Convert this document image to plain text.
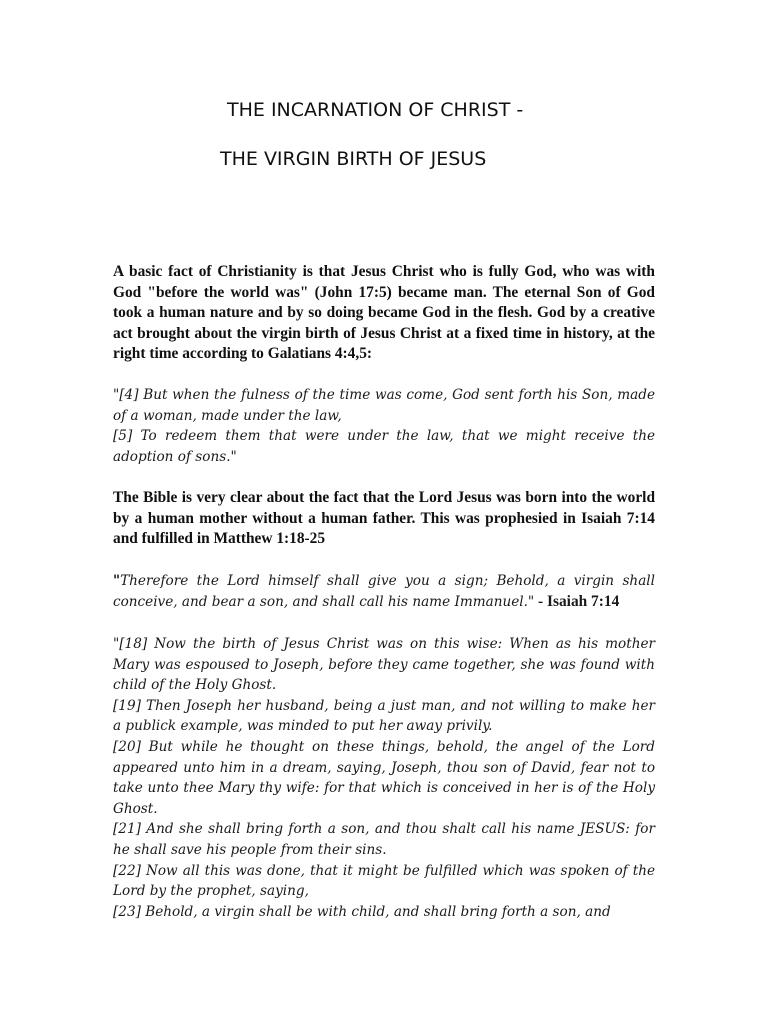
THE INCARNATION OF CHRIST -
THE VIRGIN BIRTH OF JESUS

A basic fact of Christianity is that Jesus Christ who is fully God, who was with God "before the world was" (John 17:5) became man. The eternal Son of God took a human nature and by so doing became God in the flesh. God by a creative act brought about the virgin birth of Jesus Christ at a fixed time in history, at the right time according to Galatians 4:4,5:

"[4] But when the fulness of the time was come, God sent forth his Son, made of a woman, made under the law,
[5] To redeem them that were under the law, that we might receive the adoption of sons."

The Bible is very clear about the fact that the Lord Jesus was born into the world by a human mother without a human father. This was prophesied in Isaiah 7:14 and fulfilled in Matthew 1:18-25

"Therefore the Lord himself shall give you a sign; Behold, a virgin shall conceive, and bear a son, and shall call his name Immanuel." - Isaiah 7:14

"[18] Now the birth of Jesus Christ was on this wise: When as his mother Mary was espoused to Joseph, before they came together, she was found with child of the Holy Ghost.
[19] Then Joseph her husband, being a just man, and not willing to make her a publick example, was minded to put her away privily.
[20] But while he thought on these things, behold, the angel of the Lord appeared unto him in a dream, saying, Joseph, thou son of David, fear not to take unto thee Mary thy wife: for that which is conceived in her is of the Holy Ghost.
[21] And she shall bring forth a son, and thou shalt call his name JESUS: for he shall save his people from their sins.
[22] Now all this was done, that it might be fulfilled which was spoken of the Lord by the prophet, saying,
[23] Behold, a virgin shall be with child, and shall bring forth a son, and
